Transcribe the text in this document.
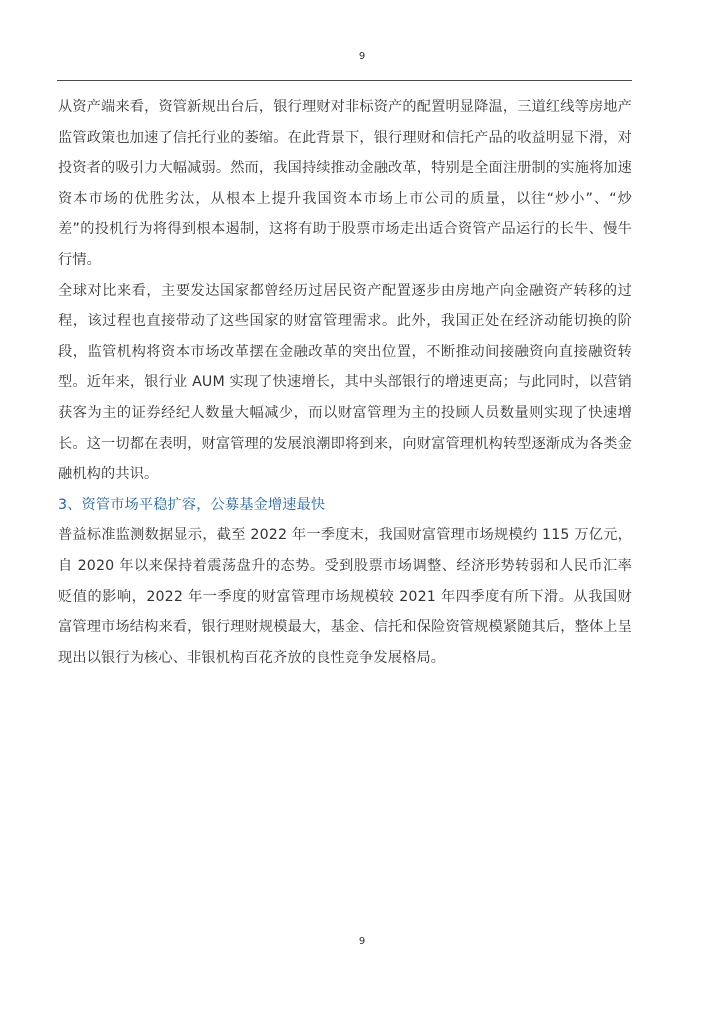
9

从资产端来看，资管新规出台后，银行理财对非标资产的配置明显降温，三道红线等房地产监管政策也加速了信托行业的萎缩。在此背景下，银行理财和信托产品的收益明显下滑，对投资者的吸引力大幅减弱。然而，我国持续推动金融改革，特别是全面注册制的实施将加速资本市场的优胜劣汰，从根本上提升我国资本市场上市公司的质量，以往“炒小”、“炒差”的投机行为将得到根本遏制，这将有助于股票市场走出适合资管产品运行的长牛、慢牛行情。

全球对比来看，主要发达国家都曾经历过居民资产配置逐步由房地产向金融资产转移的过程，该过程也直接带动了这些国家的财富管理需求。此外，我国正处在经济动能切换的阶段，监管机构将资本市场改革摆在金融改革的突出位置，不断推动间接融资向直接融资转型。近年来，银行业 AUM 实现了快速增长，其中头部银行的增速更高；与此同时，以营销获客为主的证券经纪人数量大幅减少，而以财富管理为主的投顾人员数量则实现了快速增长。这一切都在表明，财富管理的发展浪潮即将到来，向财富管理机构转型逐渐成为各类金融机构的共识。

3、资管市场平稳扩容，公募基金增速最快

普益标准监测数据显示，截至 2022 年一季度末，我国财富管理市场规模约 115 万亿元，自 2020 年以来保持着震荡盘升的态势。受到股票市场调整、经济形势转弱和人民币汇率贬值的影响，2022 年一季度的财富管理市场规模较 2021 年四季度有所下滑。从我国财富管理市场结构来看，银行理财规模最大，基金、信托和保险资管规模紧随其后，整体上呈现出以银行为核心、非银机构百花齐放的良性竞争发展格局。

9
